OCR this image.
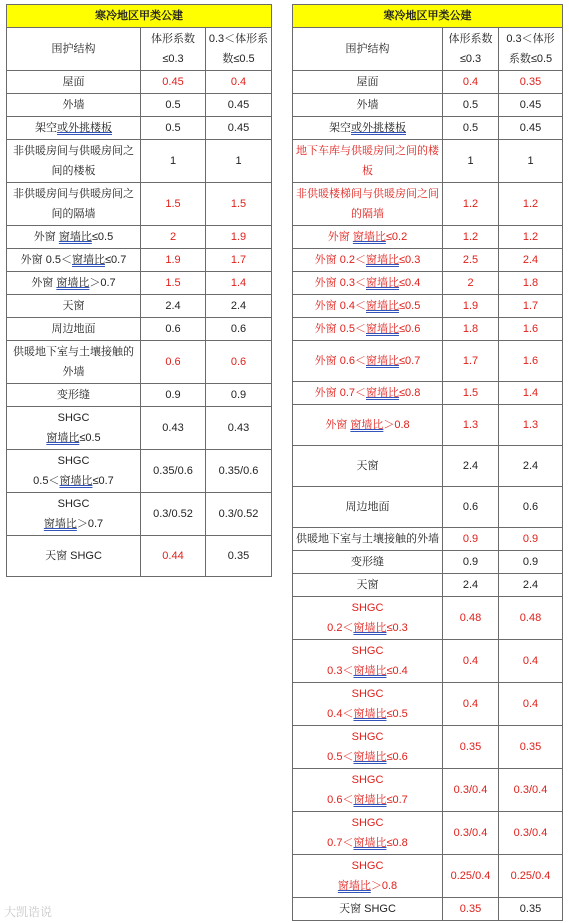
寒冷地区甲类公建		
围护结构	体形系数≤0.3	0.3＜体形系数≤0.5
屋面	0.45	0.4
外墙	0.5	0.45
架空或外挑楼板	0.5	0.45
非供暖房间与供暖房间之间的楼板	1	1
非供暖房间与供暖房间之间的隔墙	1.5	1.5
外窗 窗墙比≤0.5	2	1.9
外窗 0.5＜窗墙比≤0.7	1.9	1.7
外窗 窗墙比＞0.7	1.5	1.4
天窗	2.4	2.4
周边地面	0.6	0.6
供暖地下室与土壤接触的外墙	0.6	0.6
变形缝	0.9	0.9
SHGC
窗墙比≤0.5	0.43	0.43
SHGC
0.5＜窗墙比≤0.7	0.35/0.6	0.35/0.6
SHGC
窗墙比＞0.7	0.3/0.52	0.3/0.52
天窗 SHGC	0.44	0.35
寒冷地区甲类公建		
围护结构	体形系数≤0.3	0.3＜体形系数≤0.5
屋面	0.4	0.35
外墙	0.5	0.45
架空或外挑楼板	0.5	0.45
地下车库与供暖房间之间的楼板	1	1
非供暖楼梯间与供暖房间之间的隔墙	1.2	1.2
外窗 窗墙比≤0.2	1.2	1.2
外窗 0.2＜窗墙比≤0.3	2.5	2.4
外窗 0.3＜窗墙比≤0.4	2	1.8
外窗 0.4＜窗墙比≤0.5	1.9	1.7
外窗 0.5＜窗墙比≤0.6	1.8	1.6
外窗 0.6＜窗墙比≤0.7	1.7	1.6
外窗 0.7＜窗墙比≤0.8	1.5	1.4
外窗 窗墙比＞0.8	1.3	1.3
天窗	2.4	2.4
周边地面	0.6	0.6
供暖地下室与土壤接触的外墙	0.9	0.9
变形缝	0.9	0.9
天窗	2.4	2.4
SHGC
0.2＜窗墙比≤0.3	0.48	0.48
SHGC
0.3＜窗墙比≤0.4	0.4	0.4
SHGC
0.4＜窗墙比≤0.5	0.4	0.4
SHGC
0.5＜窗墙比≤0.6	0.35	0.35
SHGC
0.6＜窗墙比≤0.7	0.3/0.4	0.3/0.4
SHGC
0.7＜窗墙比≤0.8	0.3/0.4	0.3/0.4
SHGC
窗墙比＞0.8	0.25/0.4	0.25/0.4
天窗 SHGC	0.35	0.35
大凯诰说
